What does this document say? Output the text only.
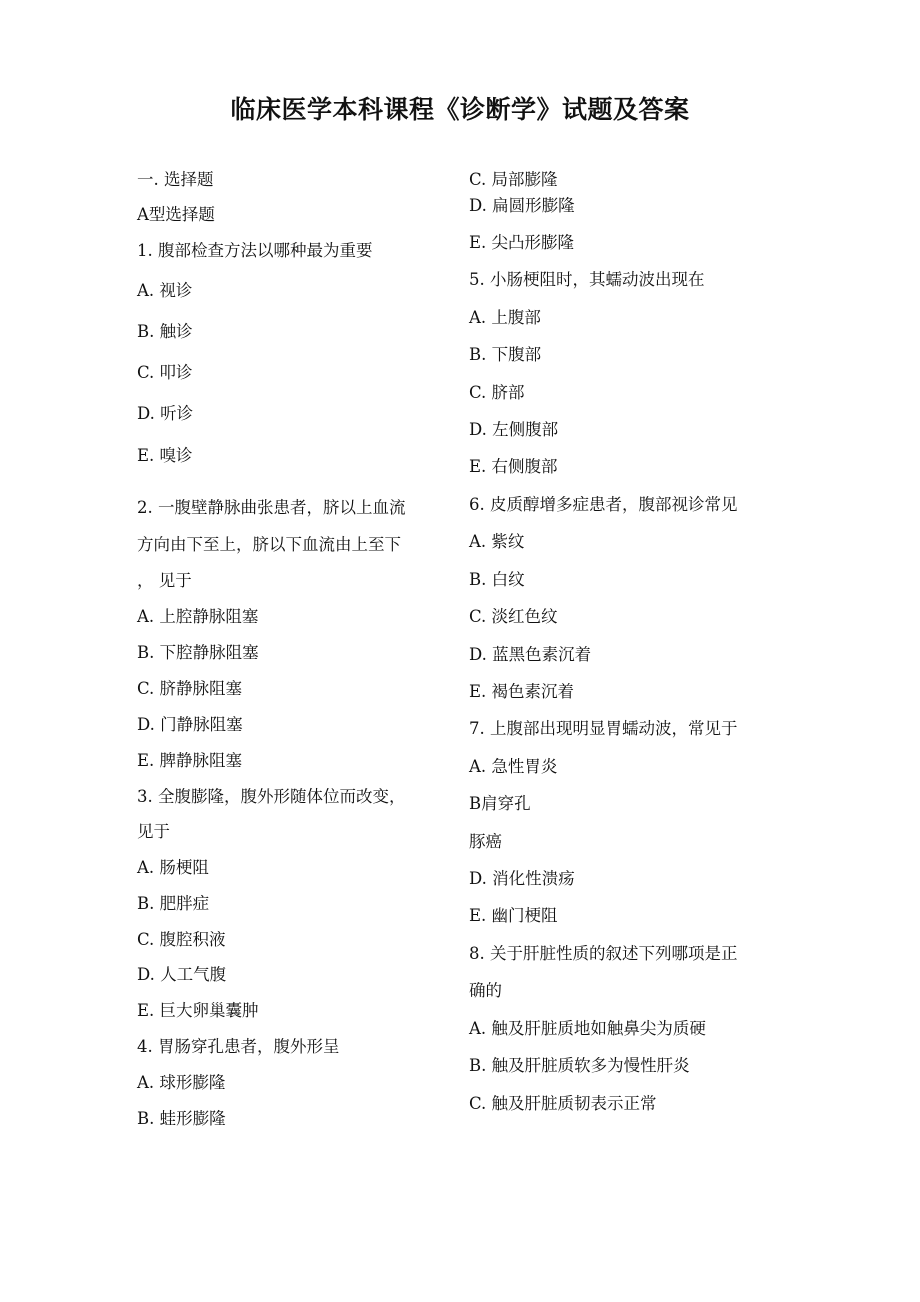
临床医学本科课程《诊断学》试题及答案
一. 选择题
A型选择题
1. 腹部检查方法以哪种最为重要
A. 视诊
B. 触诊
C. 叩诊
D. 听诊
E. 嗅诊
2. 一腹壁静脉曲张患者，脐以上血流
方向由下至上，脐以下血流由上至下
， 见于
A. 上腔静脉阻塞
B. 下腔静脉阻塞
C. 脐静脉阻塞
D. 门静脉阻塞
E. 脾静脉阻塞
3. 全腹膨隆，腹外形随体位而改变，
见于
A. 肠梗阻
B. 肥胖症
C. 腹腔积液
D. 人工气腹
E. 巨大卵巢囊肿
4. 胃肠穿孔患者，腹外形呈
A. 球形膨隆
B. 蛙形膨隆
C. 局部膨隆
D. 扁圆形膨隆
E. 尖凸形膨隆
5. 小肠梗阻时，其蠕动波出现在
A. 上腹部
B. 下腹部
C. 脐部
D. 左侧腹部
E. 右侧腹部
6. 皮质醇增多症患者，腹部视诊常见
A. 紫纹
B. 白纹
C. 淡红色纹
D. 蓝黑色素沉着
E. 褐色素沉着
7. 上腹部出现明显胃蠕动波，常见于
A. 急性胃炎
B肩穿孔
豚癌
D. 消化性溃疡
E. 幽门梗阻
8. 关于肝脏性质的叙述下列哪项是正
确的
A. 触及肝脏质地如触鼻尖为质硬
B. 触及肝脏质软多为慢性肝炎
C. 触及肝脏质韧表示正常
